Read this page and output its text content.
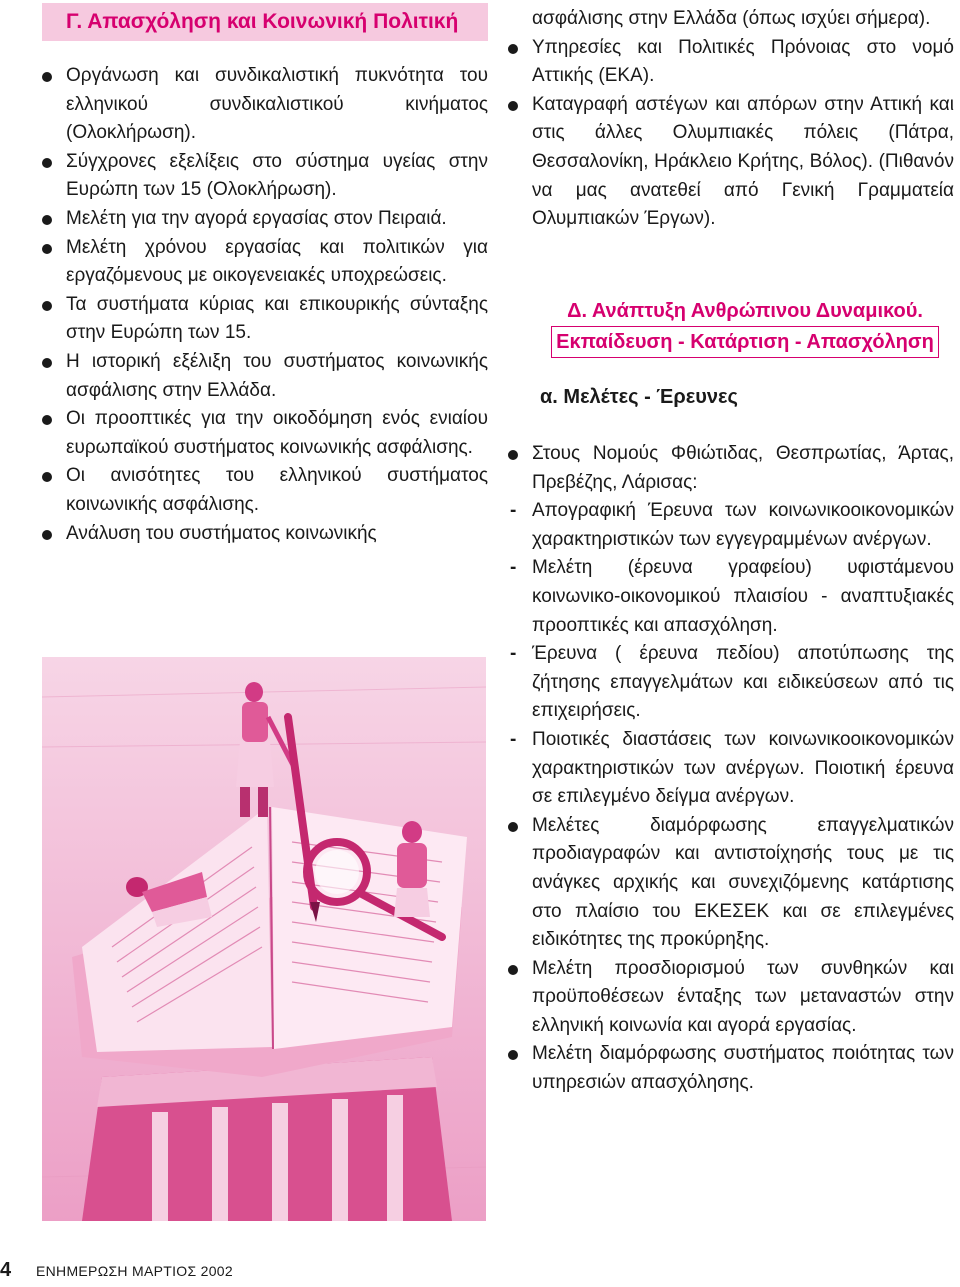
Γ. Απασχόληση και Κοινωνική Πολιτική
Οργάνωση και συνδικαλιστική πυκνότητα του ελληνικού συνδικαλιστικού κινήματος (Ολοκλήρωση).
Σύγχρονες εξελίξεις στο σύστημα υγείας στην Ευρώπη των 15 (Ολοκλήρωση).
Μελέτη για την αγορά εργασίας στον Πειραιά.
Μελέτη χρόνου εργασίας και πολιτικών για εργαζόμενους με οικογενειακές υποχρεώσεις.
Τα συστήματα κύριας και επικουρικής σύνταξης στην Ευρώπη των 15.
Η ιστορική εξέλιξη του συστήματος κοινωνικής ασφάλισης στην Ελλάδα.
Οι προοπτικές για την οικοδόμηση ενός ενιαίου ευρωπαϊκού συστήματος κοινωνικής ασφάλισης.
Οι ανισότητες του ελληνικού συστήματος κοινωνικής ασφάλισης.
Ανάλυση του συστήματος κοινωνικής
ασφάλισης στην Ελλάδα (όπως ισχύει σήμερα).
Υπηρεσίες και Πολιτικές Πρόνοιας στο νομό Αττικής (ΕΚΑ).
Καταγραφή αστέγων και απόρων στην Αττική και στις άλλες Ολυμπιακές πόλεις (Πάτρα, Θεσσαλονίκη, Ηράκλειο Κρήτης, Βόλος). (Πιθανόν να μας ανατεθεί από Γενική Γραμματεία Ολυμπιακών Έργων).
Δ. Ανάπτυξη Ανθρώπινου Δυναμικού.
Εκπαίδευση - Κατάρτιση - Απασχόληση
α. Μελέτες - Έρευνες
Στους Νομούς Φθιώτιδας, Θεσπρωτίας, Άρτας, Πρεβέζης, Λάρισας:
- Απογραφική Έρευνα των κοινωνικοοικονομικών χαρακτηριστικών των εγγεγραμμένων ανέργων.
- Μελέτη (έρευνα γραφείου) υφιστάμενου κοινωνικο-οικονομικού πλαισίου - αναπτυξιακές προοπτικές και απασχόληση.
- Έρευνα ( έρευνα πεδίου) αποτύπωσης της ζήτησης επαγγελμάτων και ειδικεύσεων από τις επιχειρήσεις.
- Ποιοτικές διαστάσεις των κοινωνικοοικονομικών χαρακτηριστικών των ανέργων. Ποιοτική έρευνα σε επιλεγμένο δείγμα ανέργων.
Μελέτες διαμόρφωσης επαγγελματικών προδιαγραφών και αντιστοίχησής τους με τις ανάγκες αρχικής και συνεχιζόμενης κατάρτισης στο πλαίσιο του ΕΚΕΣΕΚ και σε επιλεγμένες ειδικότητες της προκύρηξης.
Μελέτη προσδιορισμού των συνθηκών και προϋποθέσεων ένταξης των μεταναστών στην ελληνική κοινωνία και αγορά εργασίας.
Μελέτη διαμόρφωσης συστήματος ποιότητας των υπηρεσιών απασχόλησης.
4 ΕΝΗΜΕΡΩΣΗ ΜΑΡΤΙΟΣ 2002
